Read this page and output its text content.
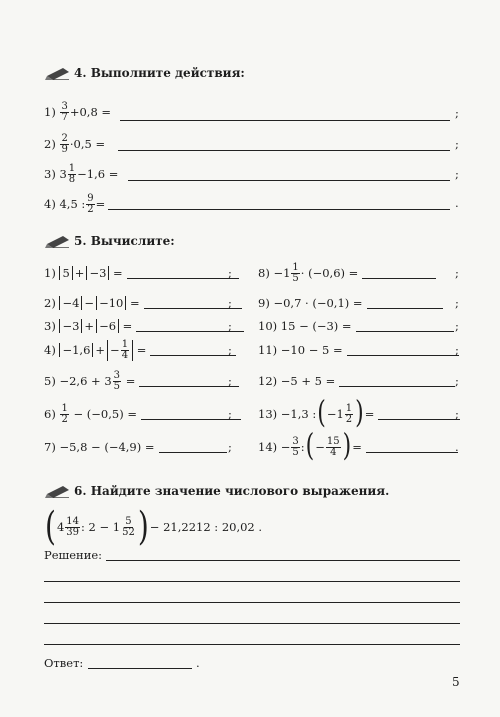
4. Выполните действия:
1)
$\frac{3}{7} +0,8$ =	;
2)
$\frac{2}{9} \cdot 0,5$ =	;
3)
$3 \frac{1}{8} -1,6$ =	;
4)
4,5 : $\frac{9}{2}$ =	.
5. Вычислите:
1)
5 + −3
=	;
2)
−4 − −10
=	;
3)
−3 + −6
=	;
4)
−1,6 + − $\frac{1}{4}$
=	;
5)
$-2,6 + 3 \frac{3}{5}$
=	;
6)
$\frac{1}{2}$
− (−0,5) =	;
7) −5,8 − (−4,9) =	;
8)
$-1 \frac{1}{5} \cdot (-0,6)$ =	;
9) −0,7 · (−0,1) =	;
10) 15 − (−3) =	;
11) −10 − 5 =	;
12) −5 + 5 =	;
13)
−1,3 : ( $-1 \frac{1}{2}$ ) =	;
14)
− $\frac{3}{5}$ : ( − $\frac{15}{4}$ ) =	.
6. Найдите значение числового выражения.
( $4 \frac{14}{39}$ : $2 - 1 \frac{5}{52}$ ) − 21,2212 : 20,02 .
Решение:
Ответ:	.
5
